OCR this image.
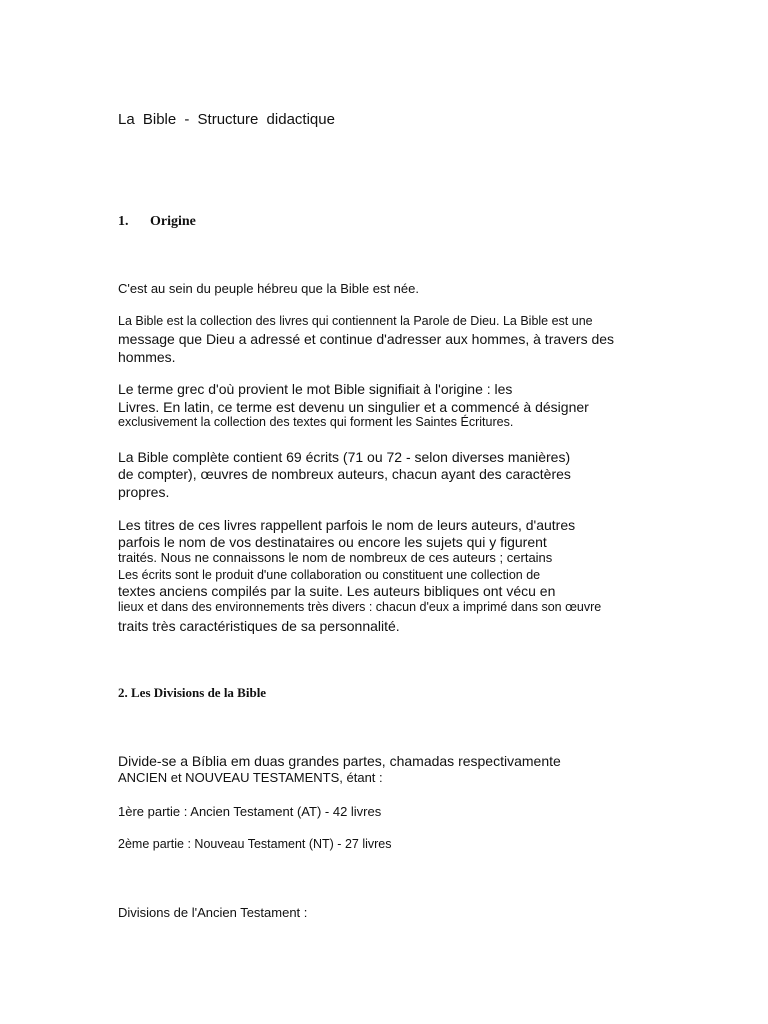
La Bible - Structure didactique

1. Origine

C'est au sein du peuple hébreu que la Bible est née.

La Bible est la collection des livres qui contiennent la Parole de Dieu. La Bible est une

message que Dieu a adressé et continue d'adresser aux hommes, à travers des

hommes.

Le terme grec d'où provient le mot Bible signifiait à l'origine : les

Livres. En latin, ce terme est devenu un singulier et a commencé à désigner

exclusivement la collection des textes qui forment les Saintes Écritures.

La Bible complète contient 69 écrits (71 ou 72 - selon diverses manières)

de compter), œuvres de nombreux auteurs, chacun ayant des caractères

propres.

Les titres de ces livres rappellent parfois le nom de leurs auteurs, d'autres

parfois le nom de vos destinataires ou encore les sujets qui y figurent

traités. Nous ne connaissons le nom de nombreux de ces auteurs ; certains

Les écrits sont le produit d'une collaboration ou constituent une collection de

textes anciens compilés par la suite. Les auteurs bibliques ont vécu en

lieux et dans des environnements très divers : chacun d'eux a imprimé dans son œuvre

traits très caractéristiques de sa personnalité.

2. Les Divisions de la Bible

Divide-se a Bíblia em duas grandes partes, chamadas respectivamente

ANCIEN et NOUVEAU TESTAMENTS, étant :

1ère partie : Ancien Testament (AT) - 42 livres

2ème partie : Nouveau Testament (NT) - 27 livres

Divisions de l'Ancien Testament :
